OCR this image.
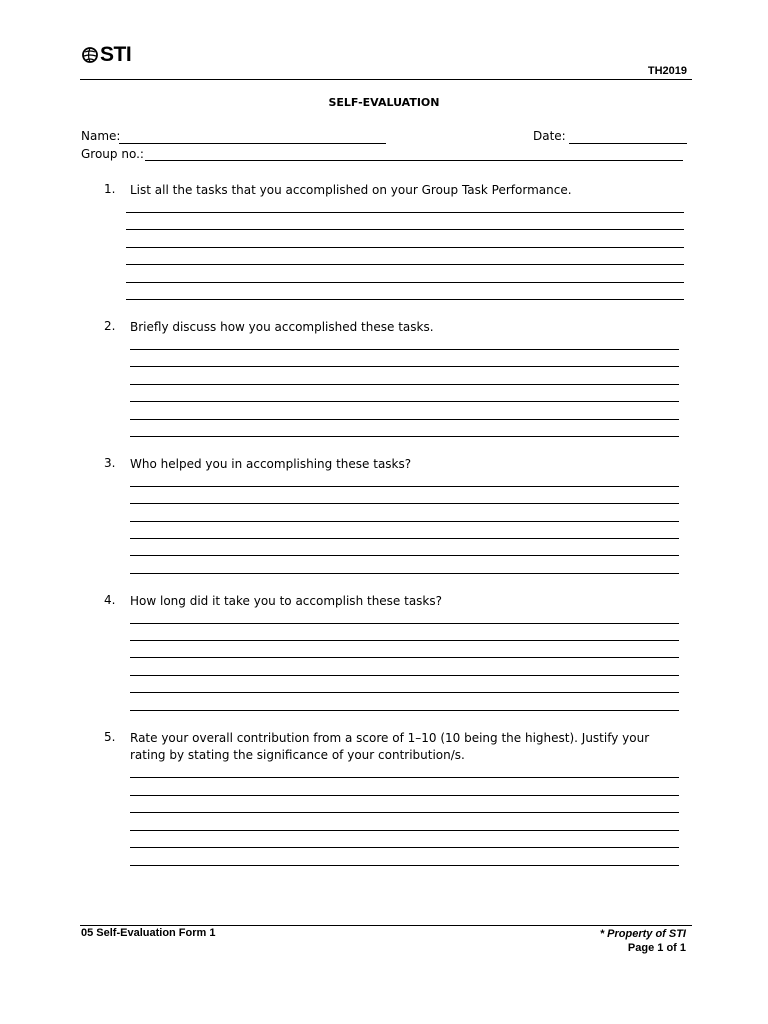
STI
TH2019
SELF-EVALUATION
Name:	Date:
Group no.:
1. List all the tasks that you accomplished on your Group Task Performance.
2. Briefly discuss how you accomplished these tasks.
3. Who helped you in accomplishing these tasks?
4. How long did it take you to accomplish these tasks?
5. Rate your overall contribution from a score of 1–10 (10 being the highest). Justify your rating by stating the significance of your contribution/s.
05 Self-Evaluation Form 1	* Property of STI
Page 1 of 1
